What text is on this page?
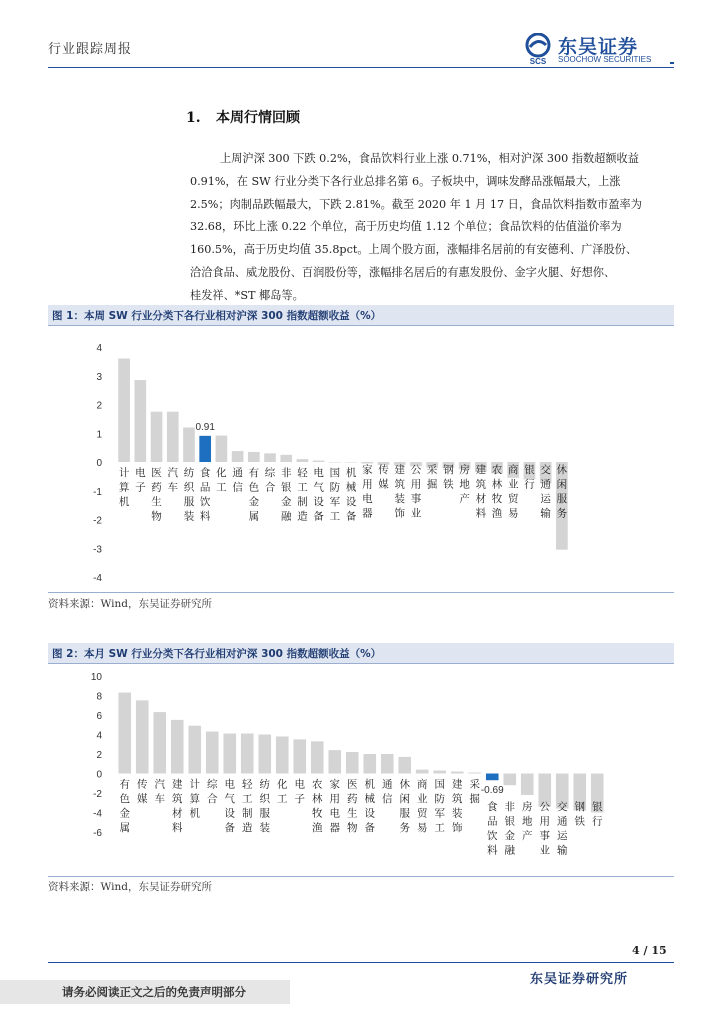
行业跟踪周报
SCS
东吴证券
SOOCHOW SECURITIES
1. 本周行情回顾
上周沪深 300 下跌 0.2%，食品饮料行业上涨 0.71%，相对沪深 300 指数超额收益
0.91%，在 SW 行业分类下各行业总排名第 6。子板块中，调味发酵品涨幅最大，上涨
2.5%；肉制品跌幅最大，下跌 2.81%。截至 2020 年 1 月 17 日，食品饮料指数市盈率为
32.68，环比上涨 0.22 个单位，高于历史均值 1.12 个单位；食品饮料的估值溢价率为
160.5%，高于历史均值 35.8pct。上周个股方面，涨幅排名居前的有安德利、广泽股份、
洽洽食品、威龙股份、百润股份等，涨幅排名居后的有惠发股份、金字火腿、好想你、
桂发祥、*ST 椰岛等。
图 1：本周 SW 行业分类下各行业相对沪深 300 指数超额收益（%）
4
3
2
1
0
-1
-2
-3
-4
计算机
电子
医药生物
汽车
纺织服装
0.91
食品饮料
化工
通信
有色金属
综合
非银金融
轻工制造
电气设备
国防军工
机械设备
家用电器
传媒
建筑装饰
公用事业
采掘
钢铁
房地产
建筑材料
农林牧渔
商业贸易
银行
交通运输
休闲服务
资料来源：Wind，东吴证券研究所
图 2：本月 SW 行业分类下各行业相对沪深 300 指数超额收益（%）
10
8
6
4
2
0
-2
-4
-6
有色金属
传媒
汽车
建筑材料
计算机
综合
电气设备
轻工制造
纺织服装
化工
电子
农林牧渔
家用电器
医药生物
机械设备
通信
休闲服务
商业贸易
国防军工
建筑装饰
采掘
-0.69
食品饮料
非银金融
房地产
公用事业
交通运输
钢铁
银行
资料来源：Wind，东吴证券研究所
4 / 15
东吴证券研究所
请务必阅读正文之后的免责声明部分
